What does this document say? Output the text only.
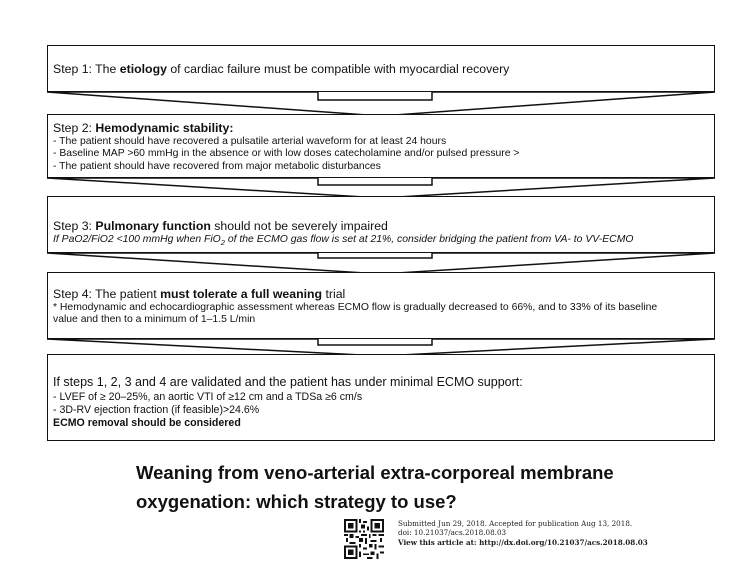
Step 1: The etiology of cardiac failure must be compatible with myocardial recovery
Step 2: Hemodynamic stability:
- The patient should have recovered a pulsatile arterial waveform for at least 24 hours
- Baseline MAP >60 mmHg in the absence or with low doses catecholamine and/or pulsed pressure >
- The patient should have recovered from major metabolic disturbances
Step 3: Pulmonary function should not be severely impaired
If PaO2/FiO2 <100 mmHg when FiO$_2$ of the ECMO gas flow is set at 21%, consider bridging the patient from VA- to VV-ECMO
Step 4: The patient must tolerate a full weaning trial
* Hemodynamic and echocardiographic assessment whereas ECMO flow is gradually decreased to 66%, and to 33% of its baseline
value and then to a minimum of 1–1.5 L/min
If steps 1, 2, 3 and 4 are validated and the patient has under minimal ECMO support:
- LVEF of ≥ 20–25%, an aortic VTI of ≥12 cm and a TDSa ≥6 cm/s
- 3D-RV ejection fraction (if feasible)>24.6%
ECMO removal should be considered
Weaning from veno-arterial extra-corporeal membrane
oxygenation: which strategy to use?
Submitted Jun 29, 2018. Accepted for publication Aug 13, 2018.
doi: 10.21037/acs.2018.08.03
View this article at: http://dx.doi.org/10.21037/acs.2018.08.03
